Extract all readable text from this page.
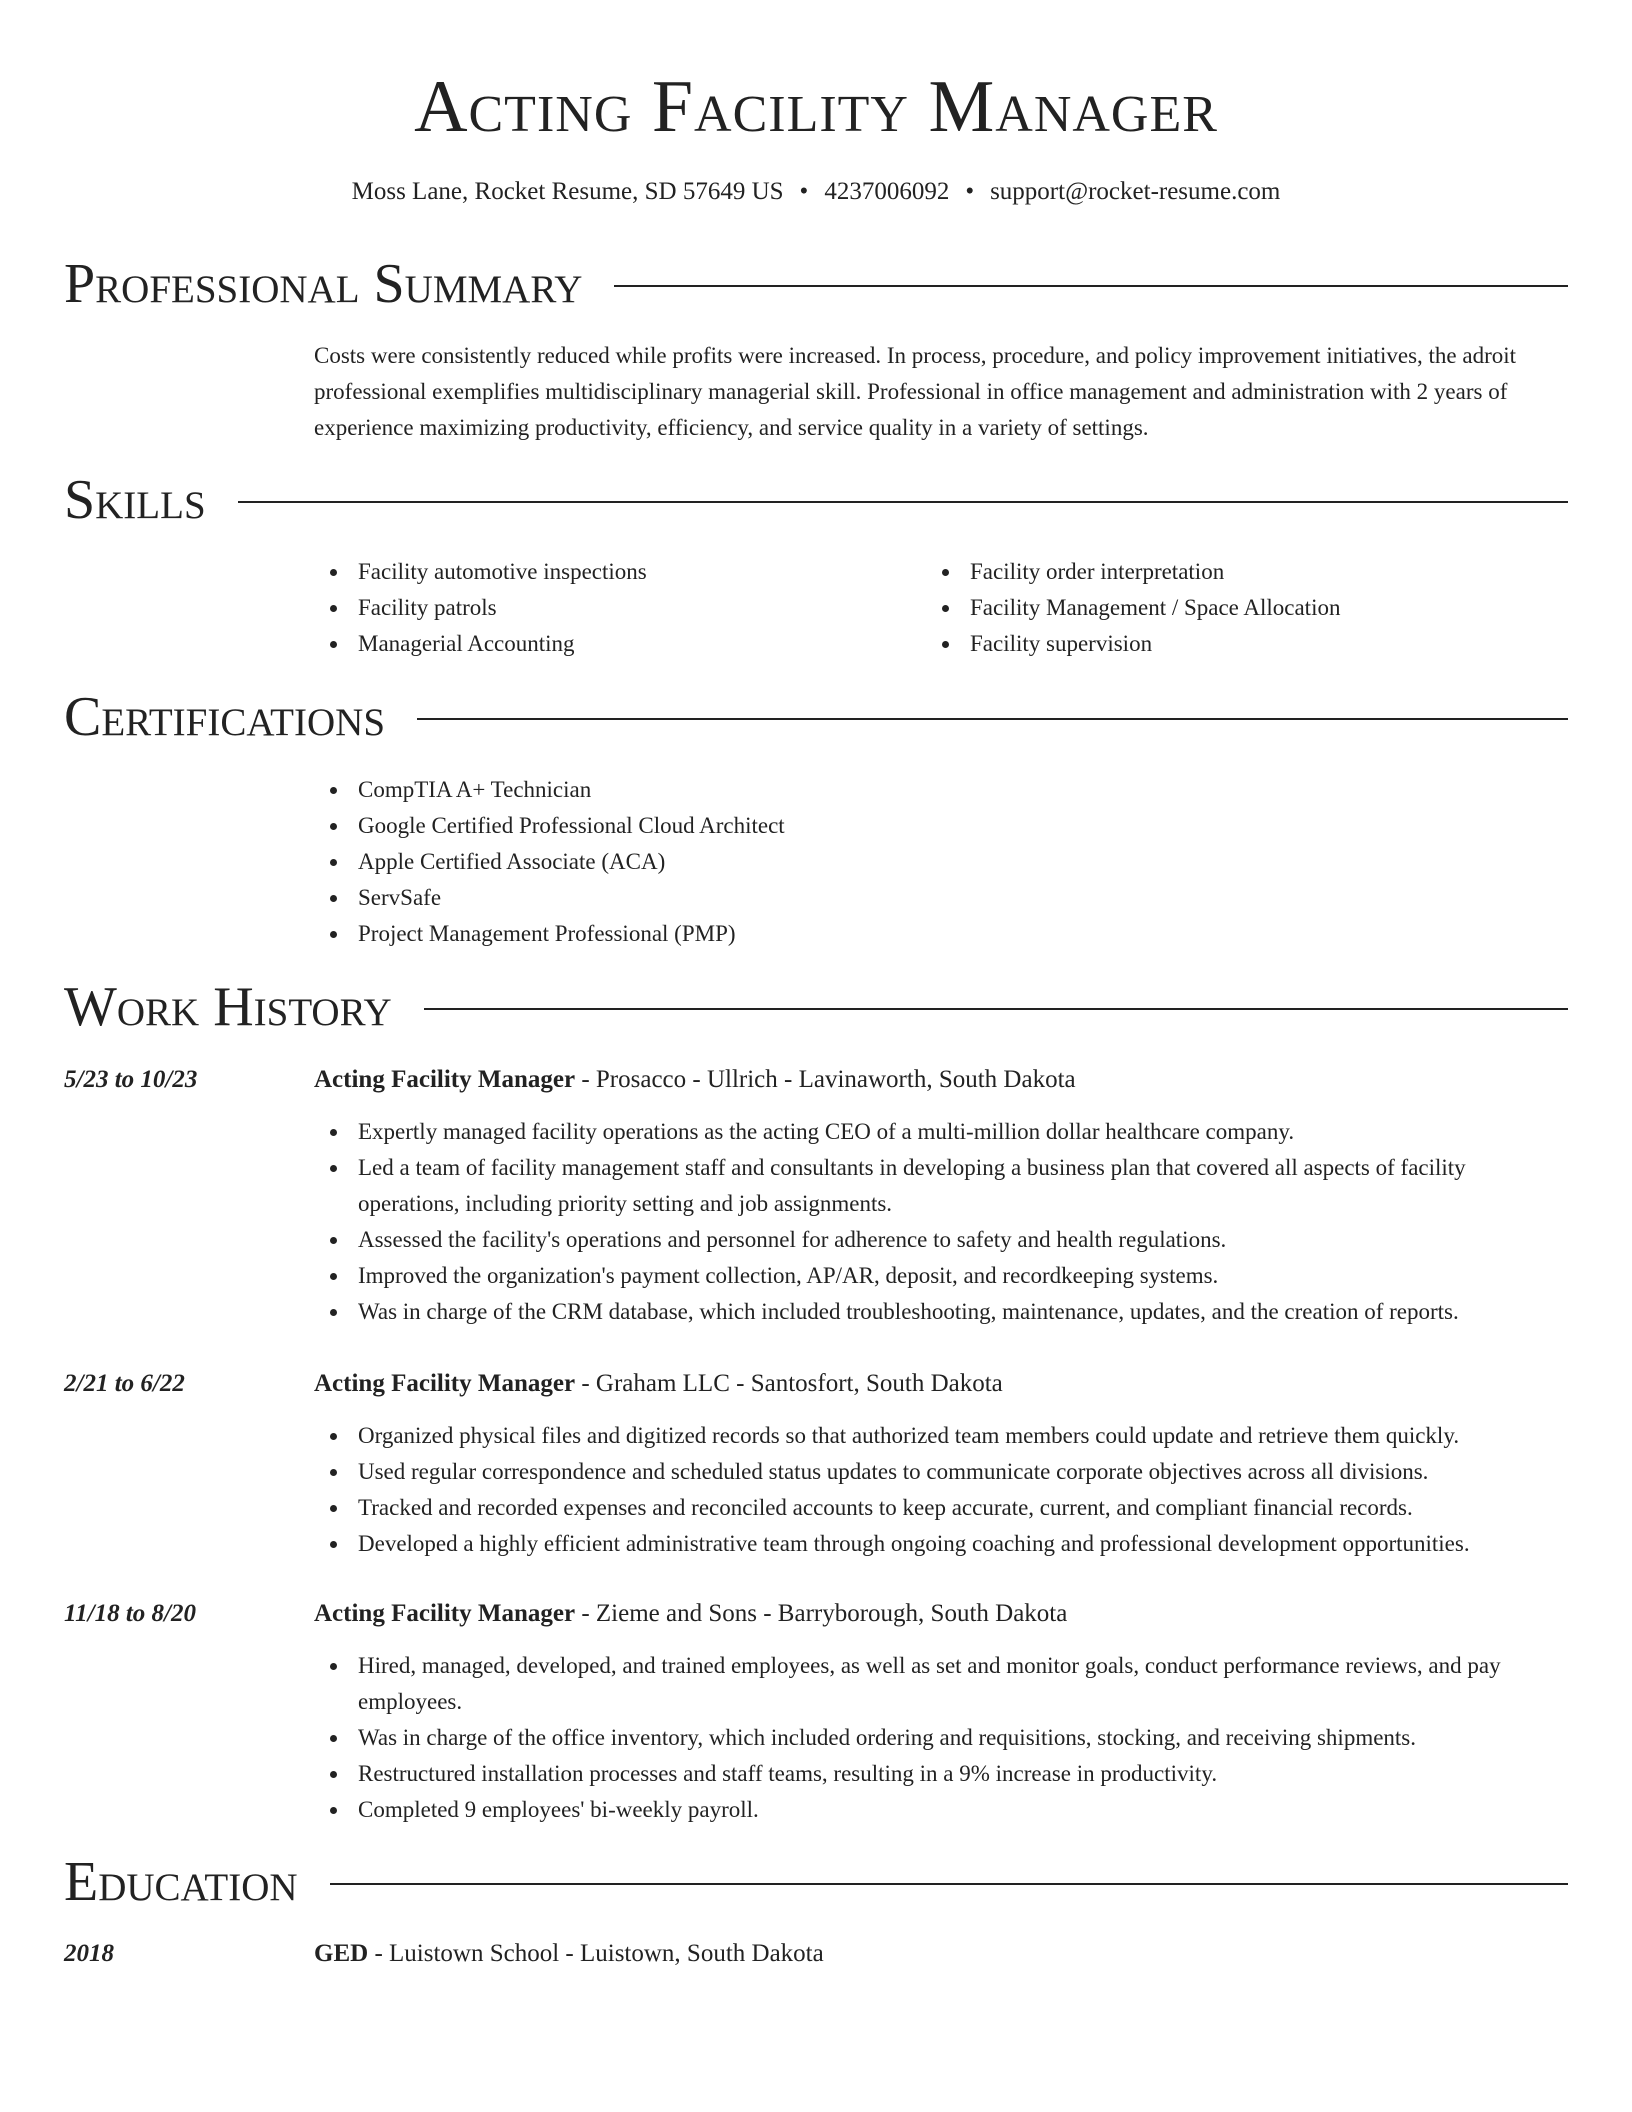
Acting Facility Manager
Moss Lane, Rocket Resume, SD 57649 US • 4237006092 • support@rocket-resume.com
Professional Summary

Costs were consistently reduced while profits were increased. In process, procedure, and policy improvement initiatives, the adroit professional exemplifies multidisciplinary managerial skill. Professional in office management and administration with 2 years of experience maximizing productivity, efficiency, and service quality in a variety of settings.

Skills
Facility automotive inspections
Facility patrols
Managerial Accounting
Facility order interpretation
Facility Management / Space Allocation
Facility supervision
Certifications
CompTIA A+ Technician
Google Certified Professional Cloud Architect
Apple Certified Associate (ACA)
ServSafe
Project Management Professional (PMP)
Work History
5/23 to 10/23	Acting Facility Manager - Prosacco - Ullrich - Lavinaworth, South Dakota
Expertly managed facility operations as the acting CEO of a multi-million dollar healthcare company.
Led a team of facility management staff and consultants in developing a business plan that covered all aspects of facility operations, including priority setting and job assignments.
Assessed the facility's operations and personnel for adherence to safety and health regulations.
Improved the organization's payment collection, AP/AR, deposit, and recordkeeping systems.
Was in charge of the CRM database, which included troubleshooting, maintenance, updates, and the creation of reports.
2/21 to 6/22	Acting Facility Manager - Graham LLC - Santosfort, South Dakota
Organized physical files and digitized records so that authorized team members could update and retrieve them quickly.
Used regular correspondence and scheduled status updates to communicate corporate objectives across all divisions.
Tracked and recorded expenses and reconciled accounts to keep accurate, current, and compliant financial records.
Developed a highly efficient administrative team through ongoing coaching and professional development opportunities.
11/18 to 8/20	Acting Facility Manager - Zieme and Sons - Barryborough, South Dakota
Hired, managed, developed, and trained employees, as well as set and monitor goals, conduct performance reviews, and pay employees.
Was in charge of the office inventory, which included ordering and requisitions, stocking, and receiving shipments.
Restructured installation processes and staff teams, resulting in a 9% increase in productivity.
Completed 9 employees' bi-weekly payroll.
Education
2018	GED - Luistown School - Luistown, South Dakota
